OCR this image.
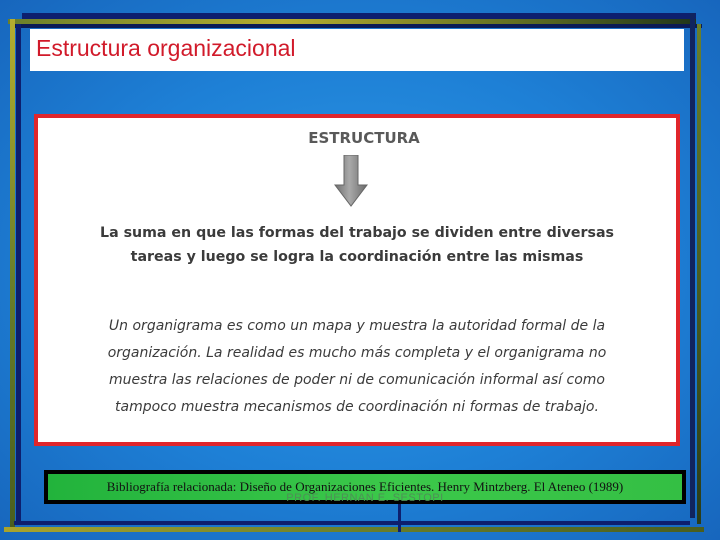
Estructura organizacional
ESTRUCTURA
La suma en que las formas del trabajo se dividen entre diversas
tareas y luego se logra la coordinación entre las mismas
Un organigrama es como un mapa y muestra la autoridad formal de la
organización. La realidad es mucho más completa y el organigrama no
muestra las relaciones de poder ni de comunicación informal así como
tampoco muestra mecanismos de coordinación ni formas de trabajo.
PROF. HERNAN E. SESTOPI
Bibliografía relacionada: Diseño de Organizaciones Eficientes. Henry Mintzberg. El Ateneo (1989)
